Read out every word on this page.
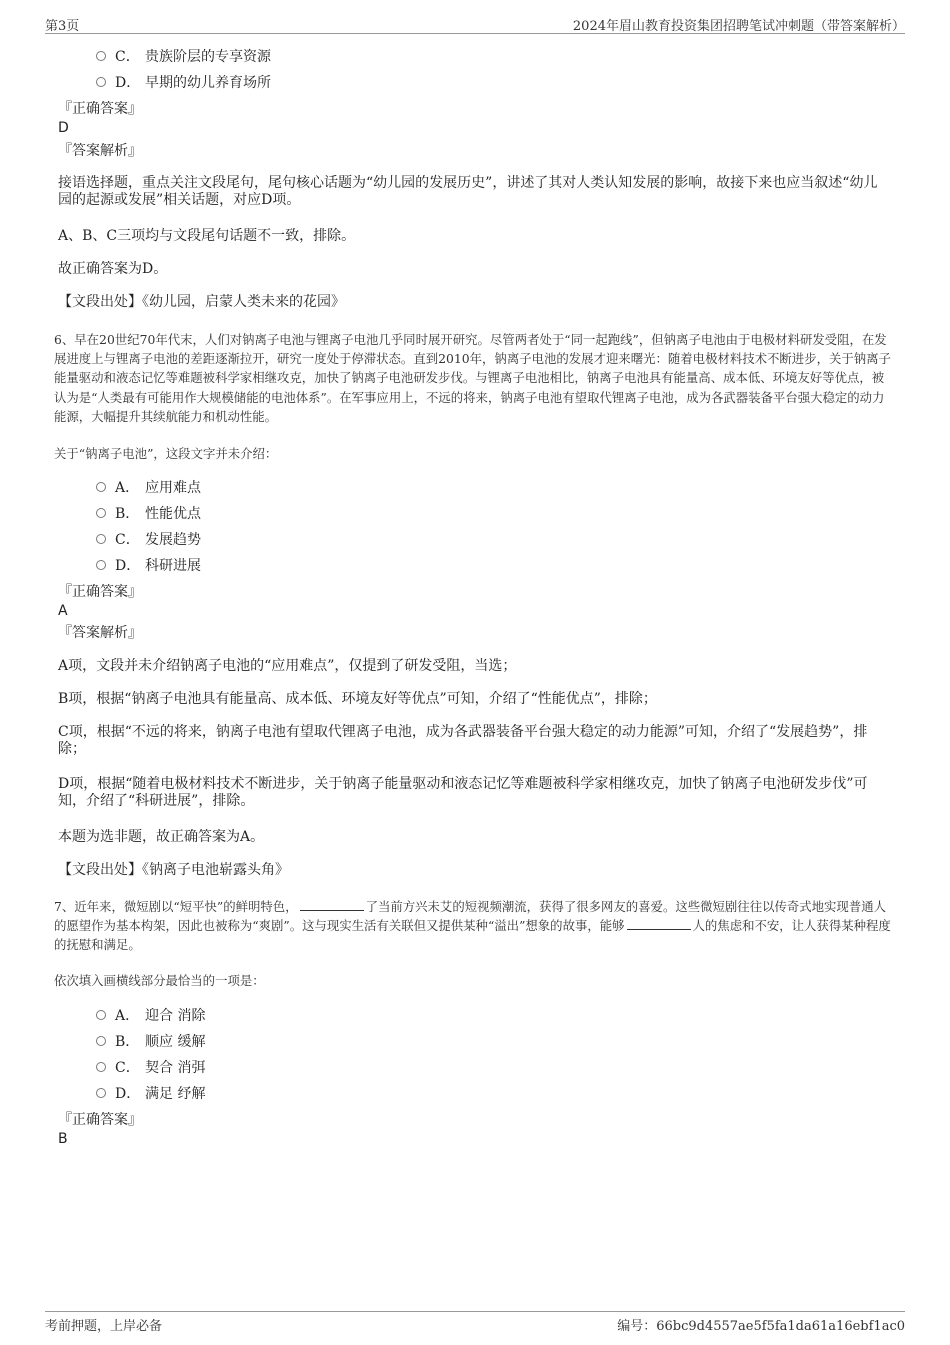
第3页	2024年眉山教育投资集团招聘笔试冲刺题（带答案解析）
C． 贵族阶层的专享资源
D． 早期的幼儿养育场所
『正确答案』
D
『答案解析』
接语选择题，重点关注文段尾句，尾句核心话题为“幼儿园的发展历史”，讲述了其对人类认知发展的影响，故接下来也应当叙述“幼儿园的起源或发展”相关话题，对应D项。
A、B、C三项均与文段尾句话题不一致，排除。
故正确答案为D。
【文段出处】《幼儿园，启蒙人类未来的花园》
6、早在20世纪70年代末，人们对钠离子电池与锂离子电池几乎同时展开研究。尽管两者处于“同一起跑线”，但钠离子电池由于电极材料研发受阻，在发展进度上与锂离子电池的差距逐渐拉开，研究一度处于停滞状态。直到2010年，钠离子电池的发展才迎来曙光：随着电极材料技术不断进步，关于钠离子能量驱动和液态记忆等难题被科学家相继攻克，加快了钠离子电池研发步伐。与锂离子电池相比，钠离子电池具有能量高、成本低、环境友好等优点，被认为是“人类最有可能用作大规模储能的电池体系”。在军事应用上，不远的将来，钠离子电池有望取代锂离子电池，成为各武器装备平台强大稳定的动力能源，大幅提升其续航能力和机动性能。
关于“钠离子电池”，这段文字并未介绍：
A． 应用难点
B． 性能优点
C． 发展趋势
D． 科研进展
『正确答案』
A
『答案解析』
A项，文段并未介绍钠离子电池的“应用难点”，仅提到了研发受阻，当选；
B项，根据“钠离子电池具有能量高、成本低、环境友好等优点”可知，介绍了“性能优点”，排除；
C项，根据“不远的将来，钠离子电池有望取代锂离子电池，成为各武器装备平台强大稳定的动力能源”可知，介绍了“发展趋势”，排除；
D项，根据“随着电极材料技术不断进步，关于钠离子能量驱动和液态记忆等难题被科学家相继攻克，加快了钠离子电池研发步伐”可知，介绍了“科研进展”，排除。
本题为选非题，故正确答案为A。
【文段出处】《钠离子电池崭露头角》
7、近年来，微短剧以“短平快”的鲜明特色，	了当前方兴未艾的短视频潮流，获得了很多网友的喜爱。这些微短剧往往以传奇式地实现普通人的愿望作为基本构架，因此也被称为“爽剧”。这与现实生活有关联但又提供某种“溢出”想象的故事，能够	人的焦虑和不安，让人获得某种程度的抚慰和满足。
依次填入画横线部分最恰当的一项是：
A． 迎合 消除
B． 顺应 缓解
C． 契合 消弭
D． 满足 纾解
『正确答案』
B
考前押题，上岸必备	编号：66bc9d4557ae5f5fa1da61a16ebf1ac0
